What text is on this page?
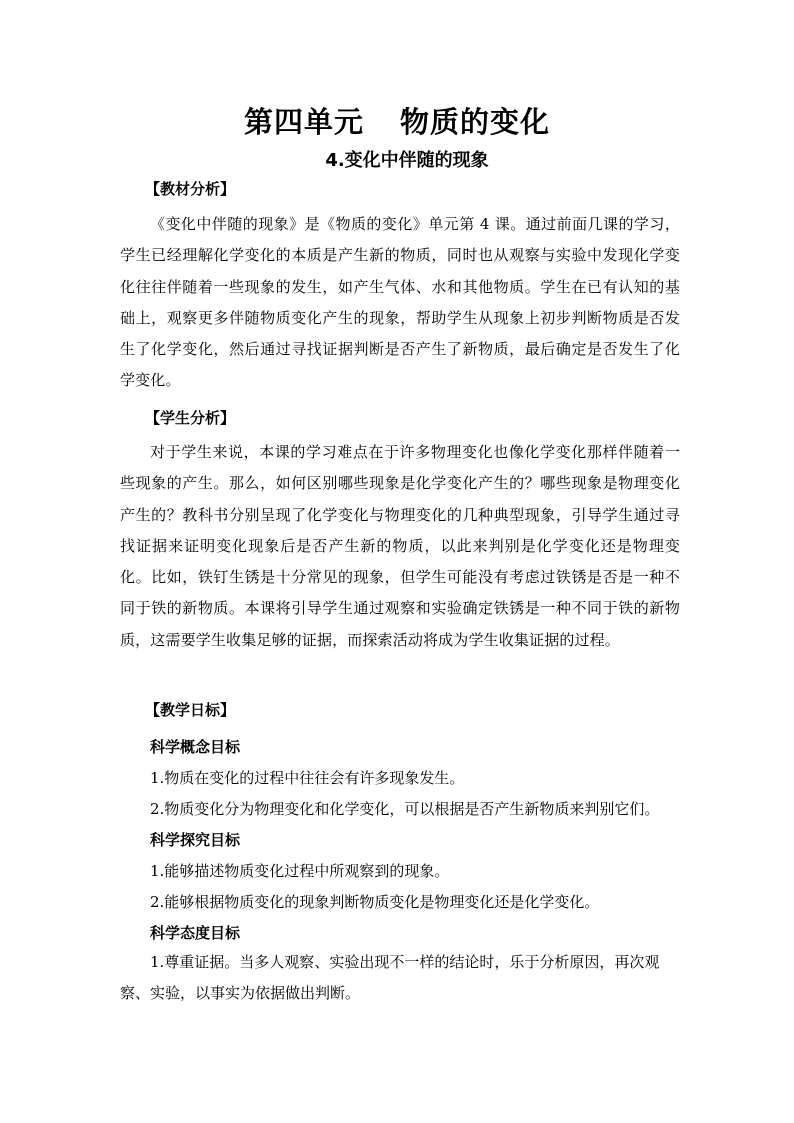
第四单元 物质的变化
4.变化中伴随的现象
【教材分析】
《变化中伴随的现象》是《物质的变化》单元第 4 课。通过前面几课的学习，学生已经理解化学变化的本质是产生新的物质，同时也从观察与实验中发现化学变化往往伴随着一些现象的发生，如产生气体、水和其他物质。学生在已有认知的基础上，观察更多伴随物质变化产生的现象，帮助学生从现象上初步判断物质是否发生了化学变化，然后通过寻找证据判断是否产生了新物质，最后确定是否发生了化学变化。
【学生分析】
对于学生来说，本课的学习难点在于许多物理变化也像化学变化那样伴随着一些现象的产生。那么，如何区别哪些现象是化学变化产生的？哪些现象是物理变化产生的？教科书分别呈现了化学变化与物理变化的几种典型现象，引导学生通过寻找证据来证明变化现象后是否产生新的物质，以此来判别是化学变化还是物理变化。比如，铁钉生锈是十分常见的现象，但学生可能没有考虑过铁锈是否是一种不同于铁的新物质。本课将引导学生通过观察和实验确定铁锈是一种不同于铁的新物质，这需要学生收集足够的证据，而探索活动将成为学生收集证据的过程。
【教学日标】
科学概念目标
1.物质在变化的过程中往往会有许多现象发生。
2.物质变化分为物理变化和化学变化，可以根据是否产生新物质来判别它们。
科学探究目标
1.能够描述物质变化过程中所观察到的现象。
2.能够根据物质变化的现象判断物质变化是物理变化还是化学变化。
科学态度目标
1.尊重证据。当多人观察、实验出现不一样的结论时，乐于分析原因，再次观察、实验，以事实为依据做出判断。
